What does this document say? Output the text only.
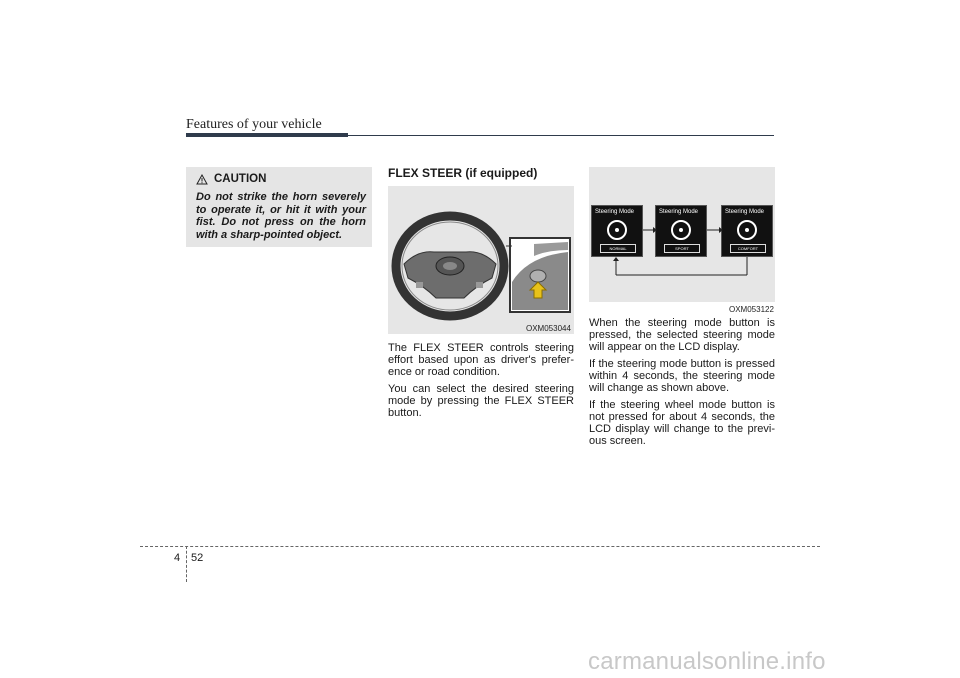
Features of your vehicle
CAUTION
Do not strike the horn severely to operate it, or hit it with your fist. Do not press on the horn with a sharp-pointed object.
FLEX STEER (if equipped)
OXM053044

The FLEX STEER controls steering effort based upon as driver's prefer-ence or road condition.

You can select the desired steering mode by pressing the FLEX STEER button.

Steering Mode
NORMAL
Steering Mode
SPORT
Steering Mode
COMFORT
OXM053122

When the steering mode button is pressed, the selected steering mode will appear on the LCD display.

If the steering mode button is pressed within 4 seconds, the steering mode will change as shown above.

If the steering wheel mode button is not pressed for about 4 seconds, the LCD display will change to the previ-ous screen.

4 52
carmanualsonline.info
